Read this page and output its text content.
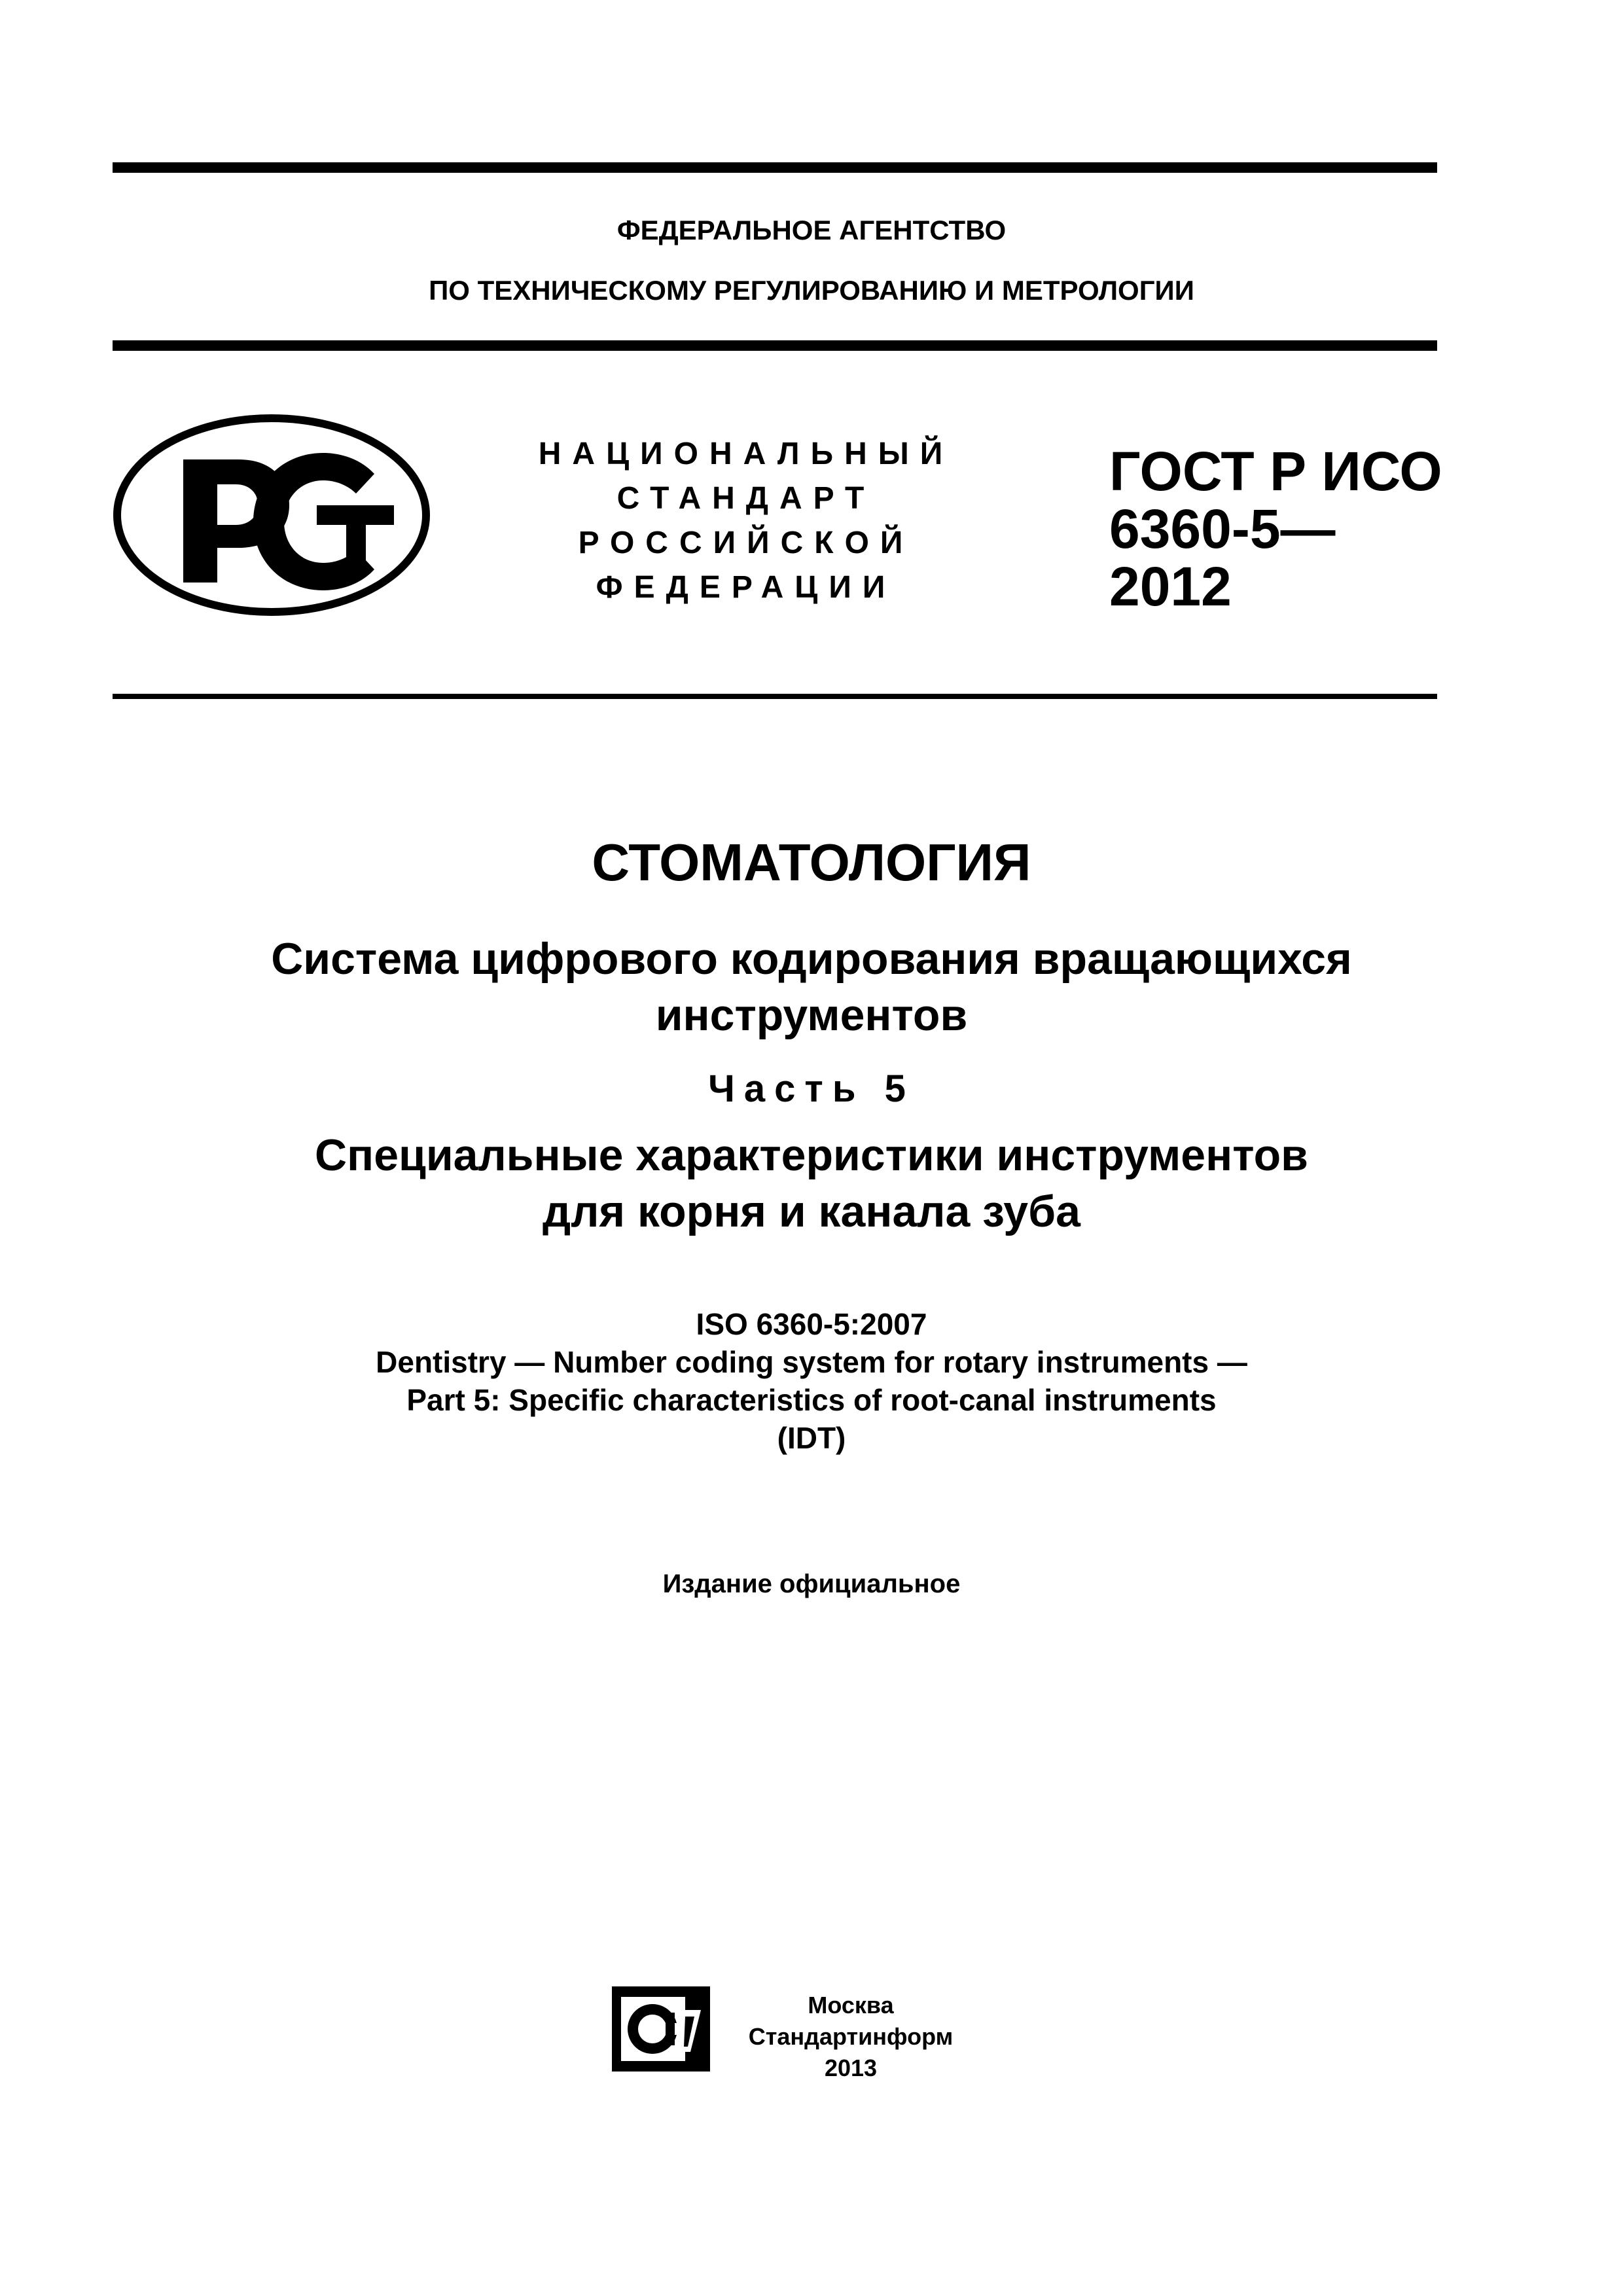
ФЕДЕРАЛЬНОЕ АГЕНТСТВО
ПО ТЕХНИЧЕСКОМУ РЕГУЛИРОВАНИЮ И МЕТРОЛОГИИ
НАЦИОНАЛЬНЫЙ
СТАНДАРТ
РОССИЙСКОЙ
ФЕДЕРАЦИИ
ГОСТ Р ИСО
6360-5—
2012
СТОМАТОЛОГИЯ
Система цифрового кодирования вращающихся
инструментов
Часть 5
Специальные характеристики инструментов
для корня и канала зуба
ISO 6360-5:2007
Dentistry — Number coding system for rotary instruments —
Part 5: Specific characteristics of root-canal instruments
(IDT)
Издание официальное
Москва
Стандартинформ
2013
